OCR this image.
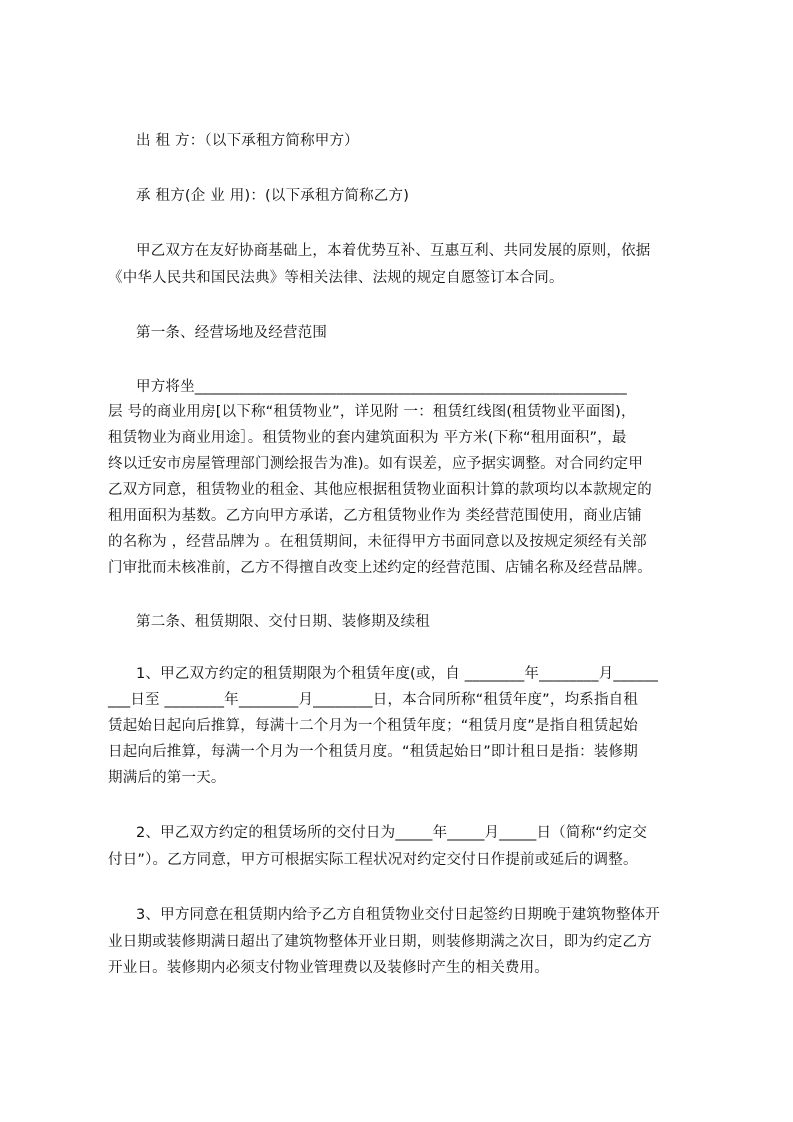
出 租 方：（以下承租方简称甲方）
承 租方(企 业 用)：(以下承租方简称乙方)
甲乙双方在友好协商基础上，本着优势互补、互惠互利、共同发展的原则，依据
《中华人民共和国民法典》等相关法律、法规的规定自愿签订本合同。
第一条、经营场地及经营范围
甲方将坐__________________________________________________________
层 号的商业用房[以下称“租赁物业”，详见附 一：租赁红线图(租赁物业平面图)，
租赁物业为商业用途］。租赁物业的套内建筑面积为 平方米(下称“租用面积”，最
终以迁安市房屋管理部门测绘报告为准)。如有误差，应予据实调整。对合同约定甲
乙双方同意，租赁物业的租金、其他应根据租赁物业面积计算的款项均以本款规定的
租用面积为基数。乙方向甲方承诺，乙方租赁物业作为 类经营范围使用，商业店铺
的名称为 ，经营品牌为 。在租赁期间，未征得甲方书面同意以及按规定须经有关部
门审批而未核准前，乙方不得擅自改变上述约定的经营范围、店铺名称及经营品牌。
第二条、租赁期限、交付日期、装修期及续租
1、甲乙双方约定的租赁期限为个租赁年度(或，自 ________年________月______
___日至 ________年________月________日，本合同所称“租赁年度”，均系指自租
赁起始日起向后推算，每满十二个月为一个租赁年度；“租赁月度”是指自租赁起始
日起向后推算，每满一个月为一个租赁月度。“租赁起始日”即计租日是指：装修期
期满后的第一天。
2、甲乙双方约定的租赁场所的交付日为_____年_____月_____日（简称“约定交
付日”）。乙方同意，甲方可根据实际工程状况对约定交付日作提前或延后的调整。
3、甲方同意在租赁期内给予乙方自租赁物业交付日起签约日期晚于建筑物整体开
业日期或装修期满日超出了建筑物整体开业日期，则装修期满之次日，即为约定乙方
开业日。装修期内必须支付物业管理费以及装修时产生的相关费用。
